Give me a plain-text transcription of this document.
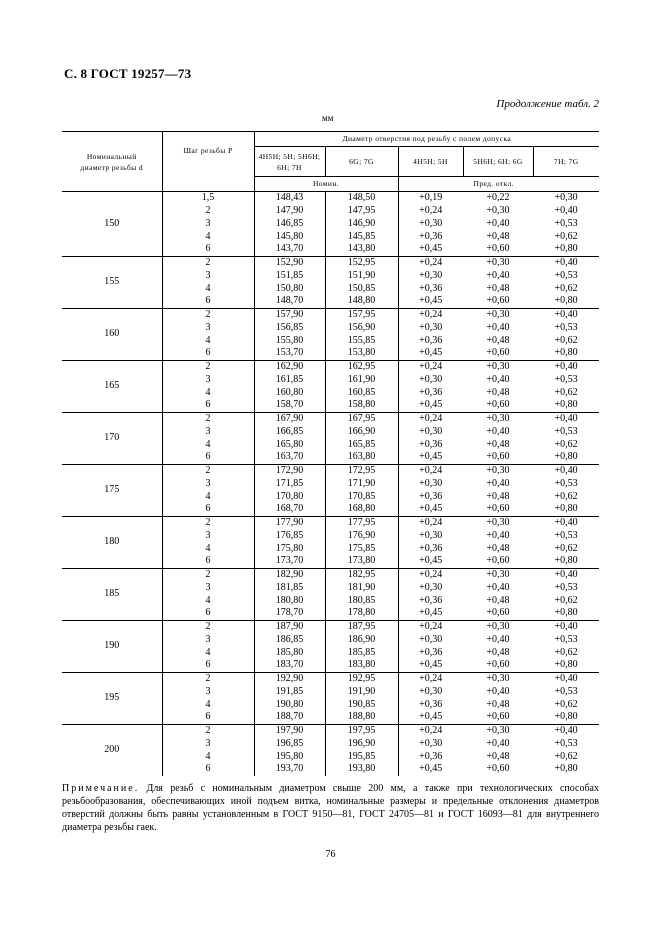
С. 8 ГОСТ 19257—73
Продолжение табл. 2
мм
Номинальный диаметр резьбы d	Шаг резьбы P	Диаметр отверстия под резьбу с полем допуска				
		4H5H; 5H; 5H6H; 6H; 7H	6G; 7G	4H5H; 5H	5H6H; 6H; 6G	7H; 7G
		Номин.		Пред. откл.		
150	1,5	148,43	148,50	+0,19	+0,22	+0,30
	2	147,90	147,95	+0,24	+0,30	+0,40
	3	146,85	146,90	+0,30	+0,40	+0,53
	4	145,80	145,85	+0,36	+0,48	+0,62
	6	143,70	143,80	+0,45	+0,60	+0,80
155	2	152,90	152,95	+0,24	+0,30	+0,40
	3	151,85	151,90	+0,30	+0,40	+0,53
	4	150,80	150,85	+0,36	+0,48	+0,62
	6	148,70	148,80	+0,45	+0,60	+0,80
160	2	157,90	157,95	+0,24	+0,30	+0,40
	3	156,85	156,90	+0,30	+0,40	+0,53
	4	155,80	155,85	+0,36	+0,48	+0,62
	6	153,70	153,80	+0,45	+0,60	+0,80
165	2	162,90	162,95	+0,24	+0,30	+0,40
	3	161,85	161,90	+0,30	+0,40	+0,53
	4	160,80	160,85	+0,36	+0,48	+0,62
	6	158,70	158,80	+0,45	+0,60	+0,80
170	2	167,90	167,95	+0,24	+0,30	+0,40
	3	166,85	166,90	+0,30	+0,40	+0,53
	4	165,80	165,85	+0,36	+0,48	+0,62
	6	163,70	163,80	+0,45	+0,60	+0,80
175	2	172,90	172,95	+0,24	+0,30	+0,40
	3	171,85	171,90	+0,30	+0,40	+0,53
	4	170,80	170,85	+0,36	+0,48	+0,62
	6	168,70	168,80	+0,45	+0,60	+0,80
180	2	177,90	177,95	+0,24	+0,30	+0,40
	3	176,85	176,90	+0,30	+0,40	+0,53
	4	175,80	175,85	+0,36	+0,48	+0,62
	6	173,70	173,80	+0,45	+0,60	+0,80
185	2	182,90	182,95	+0,24	+0,30	+0,40
	3	181,85	181,90	+0,30	+0,40	+0,53
	4	180,80	180,85	+0,36	+0,48	+0,62
	6	178,70	178,80	+0,45	+0,60	+0,80
190	2	187,90	187,95	+0,24	+0,30	+0,40
	3	186,85	186,90	+0,30	+0,40	+0,53
	4	185,80	185,85	+0,36	+0,48	+0,62
	6	183,70	183,80	+0,45	+0,60	+0,80
195	2	192,90	192,95	+0,24	+0,30	+0,40
	3	191,85	191,90	+0,30	+0,40	+0,53
	4	190,80	190,85	+0,36	+0,48	+0,62
	6	188,70	188,80	+0,45	+0,60	+0,80
200	2	197,90	197,95	+0,24	+0,30	+0,40
	3	196,85	196,90	+0,30	+0,40	+0,53
	4	195,80	195,85	+0,36	+0,48	+0,62
	6	193,70	193,80	+0,45	+0,60	+0,80
Примечание. Для резьб с номинальным диаметром свыше 200 мм, а также при технологических способах резьбообразования, обеспечивающих иной подъем витка, номинальные размеры и предельные отклонения диаметров отверстий должны быть равны установленным в ГОСТ 9150—81, ГОСТ 24705—81 и ГОСТ 16093—81 для внутреннего диаметра резьбы гаек.
76
